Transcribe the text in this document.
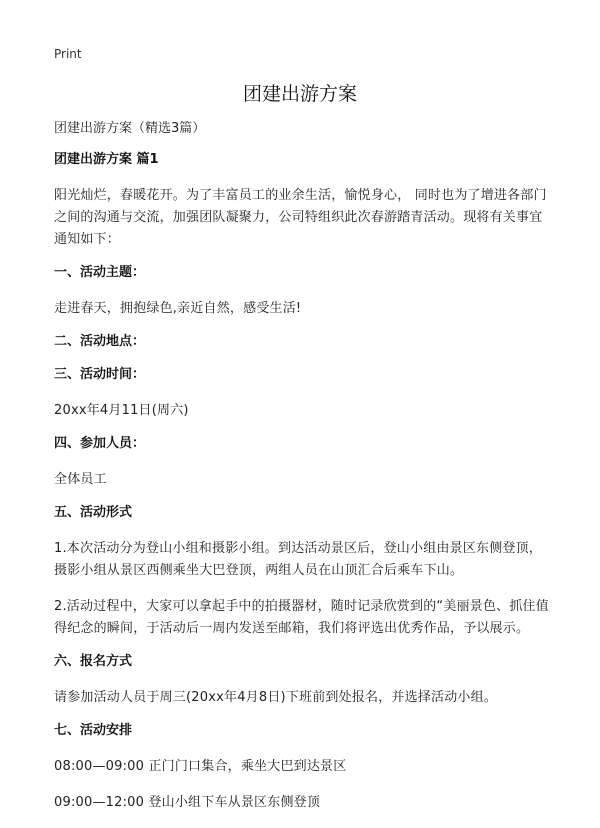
Print
团建出游方案

团建出游方案（精选3篇）

团建出游方案 篇1

阳光灿烂，春暖花开。为了丰富员工的业余生活，愉悦身心， 同时也为了增进各部门之间的沟通与交流，加强团队凝聚力，公司特组织此次春游踏青活动。现将有关事宜通知如下：

一、活动主题：

走进春天，拥抱绿色,亲近自然，感受生活!

二、活动地点：

三、活动时间：

20xx年4月11日(周六)

四、参加人员：

全体员工

五、活动形式

1.本次活动分为登山小组和摄影小组。到达活动景区后，登山小组由景区东侧登顶，摄影小组从景区西侧乘坐大巴登顶，两组人员在山顶汇合后乘车下山。

2.活动过程中，大家可以拿起手中的拍摄器材，随时记录欣赏到的“美丽景色、抓住值得纪念的瞬间，于活动后一周内发送至邮箱，我们将评选出优秀作品，予以展示。

六、报名方式

请参加活动人员于周三(20xx年4月8日)下班前到处报名，并选择活动小组。

七、活动安排

08:00—09:00 正门门口集合，乘坐大巴到达景区

09:00—12:00 登山小组下车从景区东侧登顶
